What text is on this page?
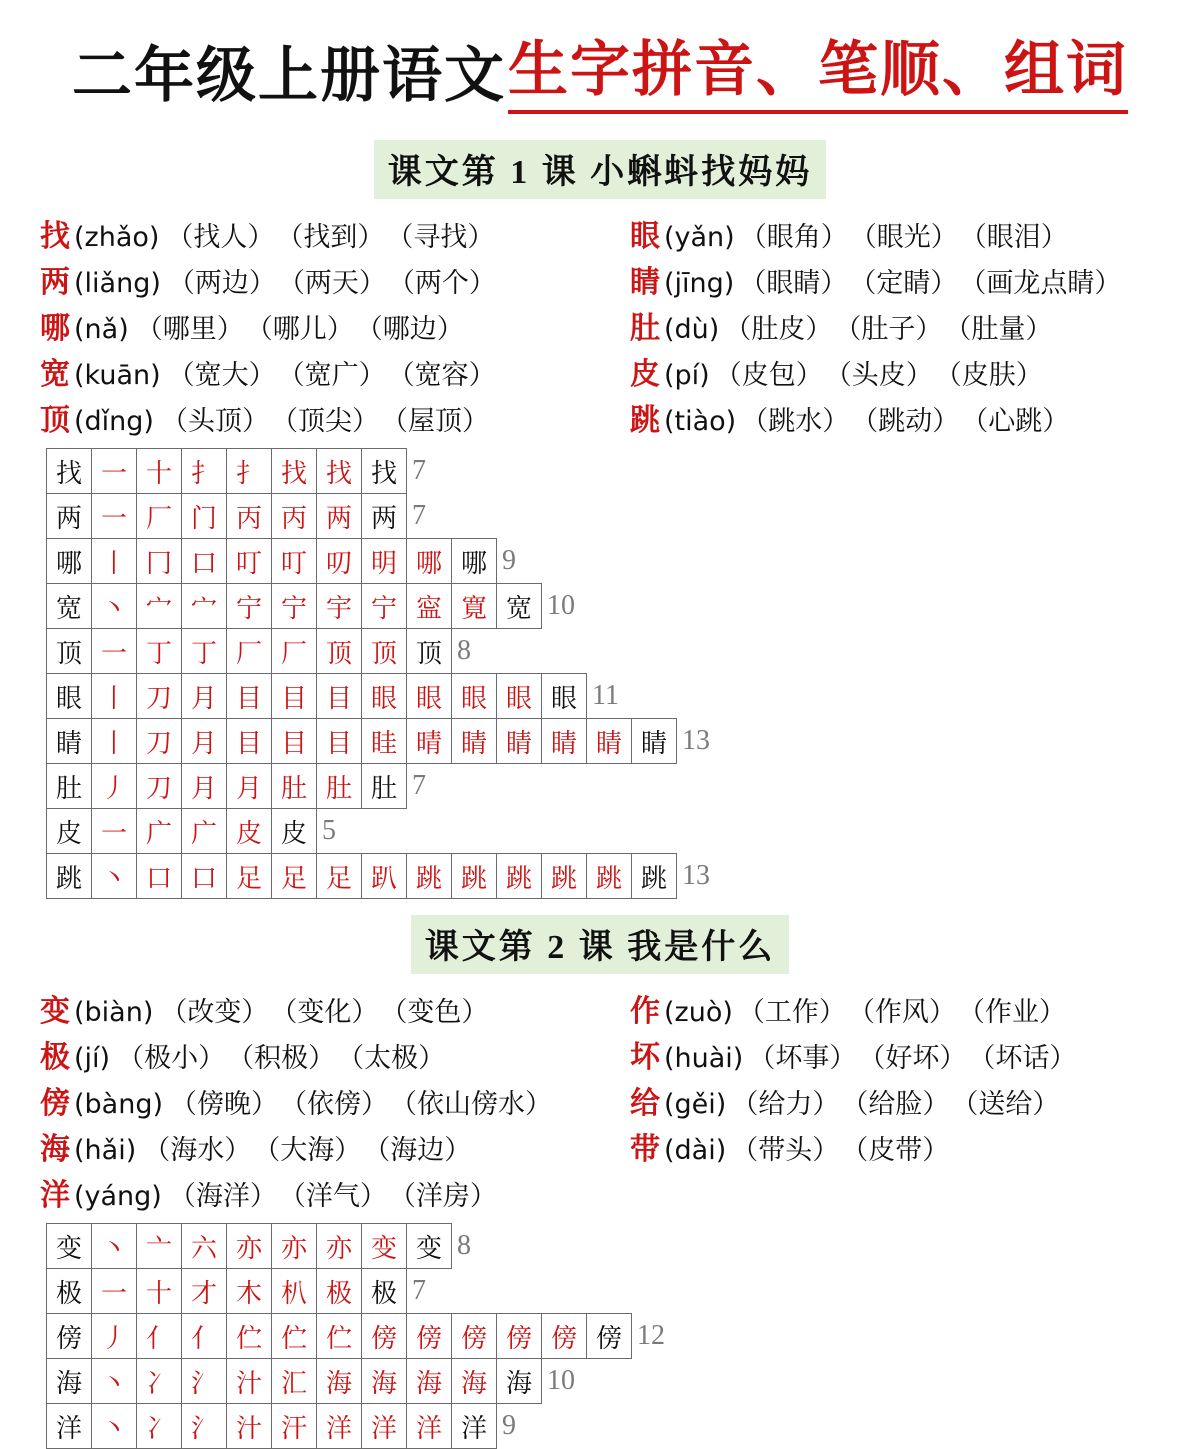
二年级上册语文 生字拼音、笔顺、组词
课文第 1 课 小蝌蚪找妈妈
找 (zhǎo) （找人） （找到） （寻找）
两 (liǎng) （两边） （两天） （两个）
哪 (nǎ) （哪里） （哪儿） （哪边）
宽 (kuān) （宽大） （宽广） （宽容）
顶 (dǐng) （头顶） （顶尖） （屋顶）
眼 (yǎn) （眼角） （眼光） （眼泪）
睛 (jīng) （眼睛） （定睛） （画龙点睛）
肚 (dù) （肚皮） （肚子） （肚量）
皮 (pí) （皮包） （头皮） （皮肤）
跳 (tiào) （跳水） （跳动） （心跳）
找 一 十 扌 扌 找 找 找 7
两 一 厂 门 丙 丙 两 两 7
哪 丨 冂 口 叮 叮 叨 明 哪 哪 9
宽 丶 宀 宀 宁 宁 宇 宁 寍 寛 宽 10
顶 一 丁 丁 厂 厂 顶 顶 顶 8
眼 丨 刀 月 目 目 目 眼 眼 眼 眼 眼 11
睛 丨 刀 月 目 目 目 眭 晴 睛 睛 睛 睛 睛 13
肚 丿 刀 月 月 肚 肚 肚 7
皮 一 广 广 皮 皮 5
跳 丶 口 口 足 足 足 趴 跳 跳 跳 跳 跳 跳 13
课文第 2 课 我是什么
变 (biàn) （改变） （变化） （变色）
极 (jí) （极小） （积极） （太极）
傍 (bàng) （傍晚） （依傍） （依山傍水）
海 (hǎi) （海水） （大海） （海边）
洋 (yáng) （海洋） （洋气） （洋房）
作 (zuò) （工作） （作风） （作业）
坏 (huài) （坏事） （好坏） （坏话）
给 (gěi) （给力） （给脸） （送给）
带 (dài) （带头） （皮带）
变 丶 亠 六 亦 亦 亦 变 变 8
极 一 十 才 木 朳 极 极 7
傍 丿 亻 亻 伫 伫 伫 傍 傍 傍 傍 傍 傍 12
海 丶 冫 氵 汁 汇 海 海 海 海 海 10
洋 丶 冫 氵 汁 汗 洋 洋 洋 洋 9
